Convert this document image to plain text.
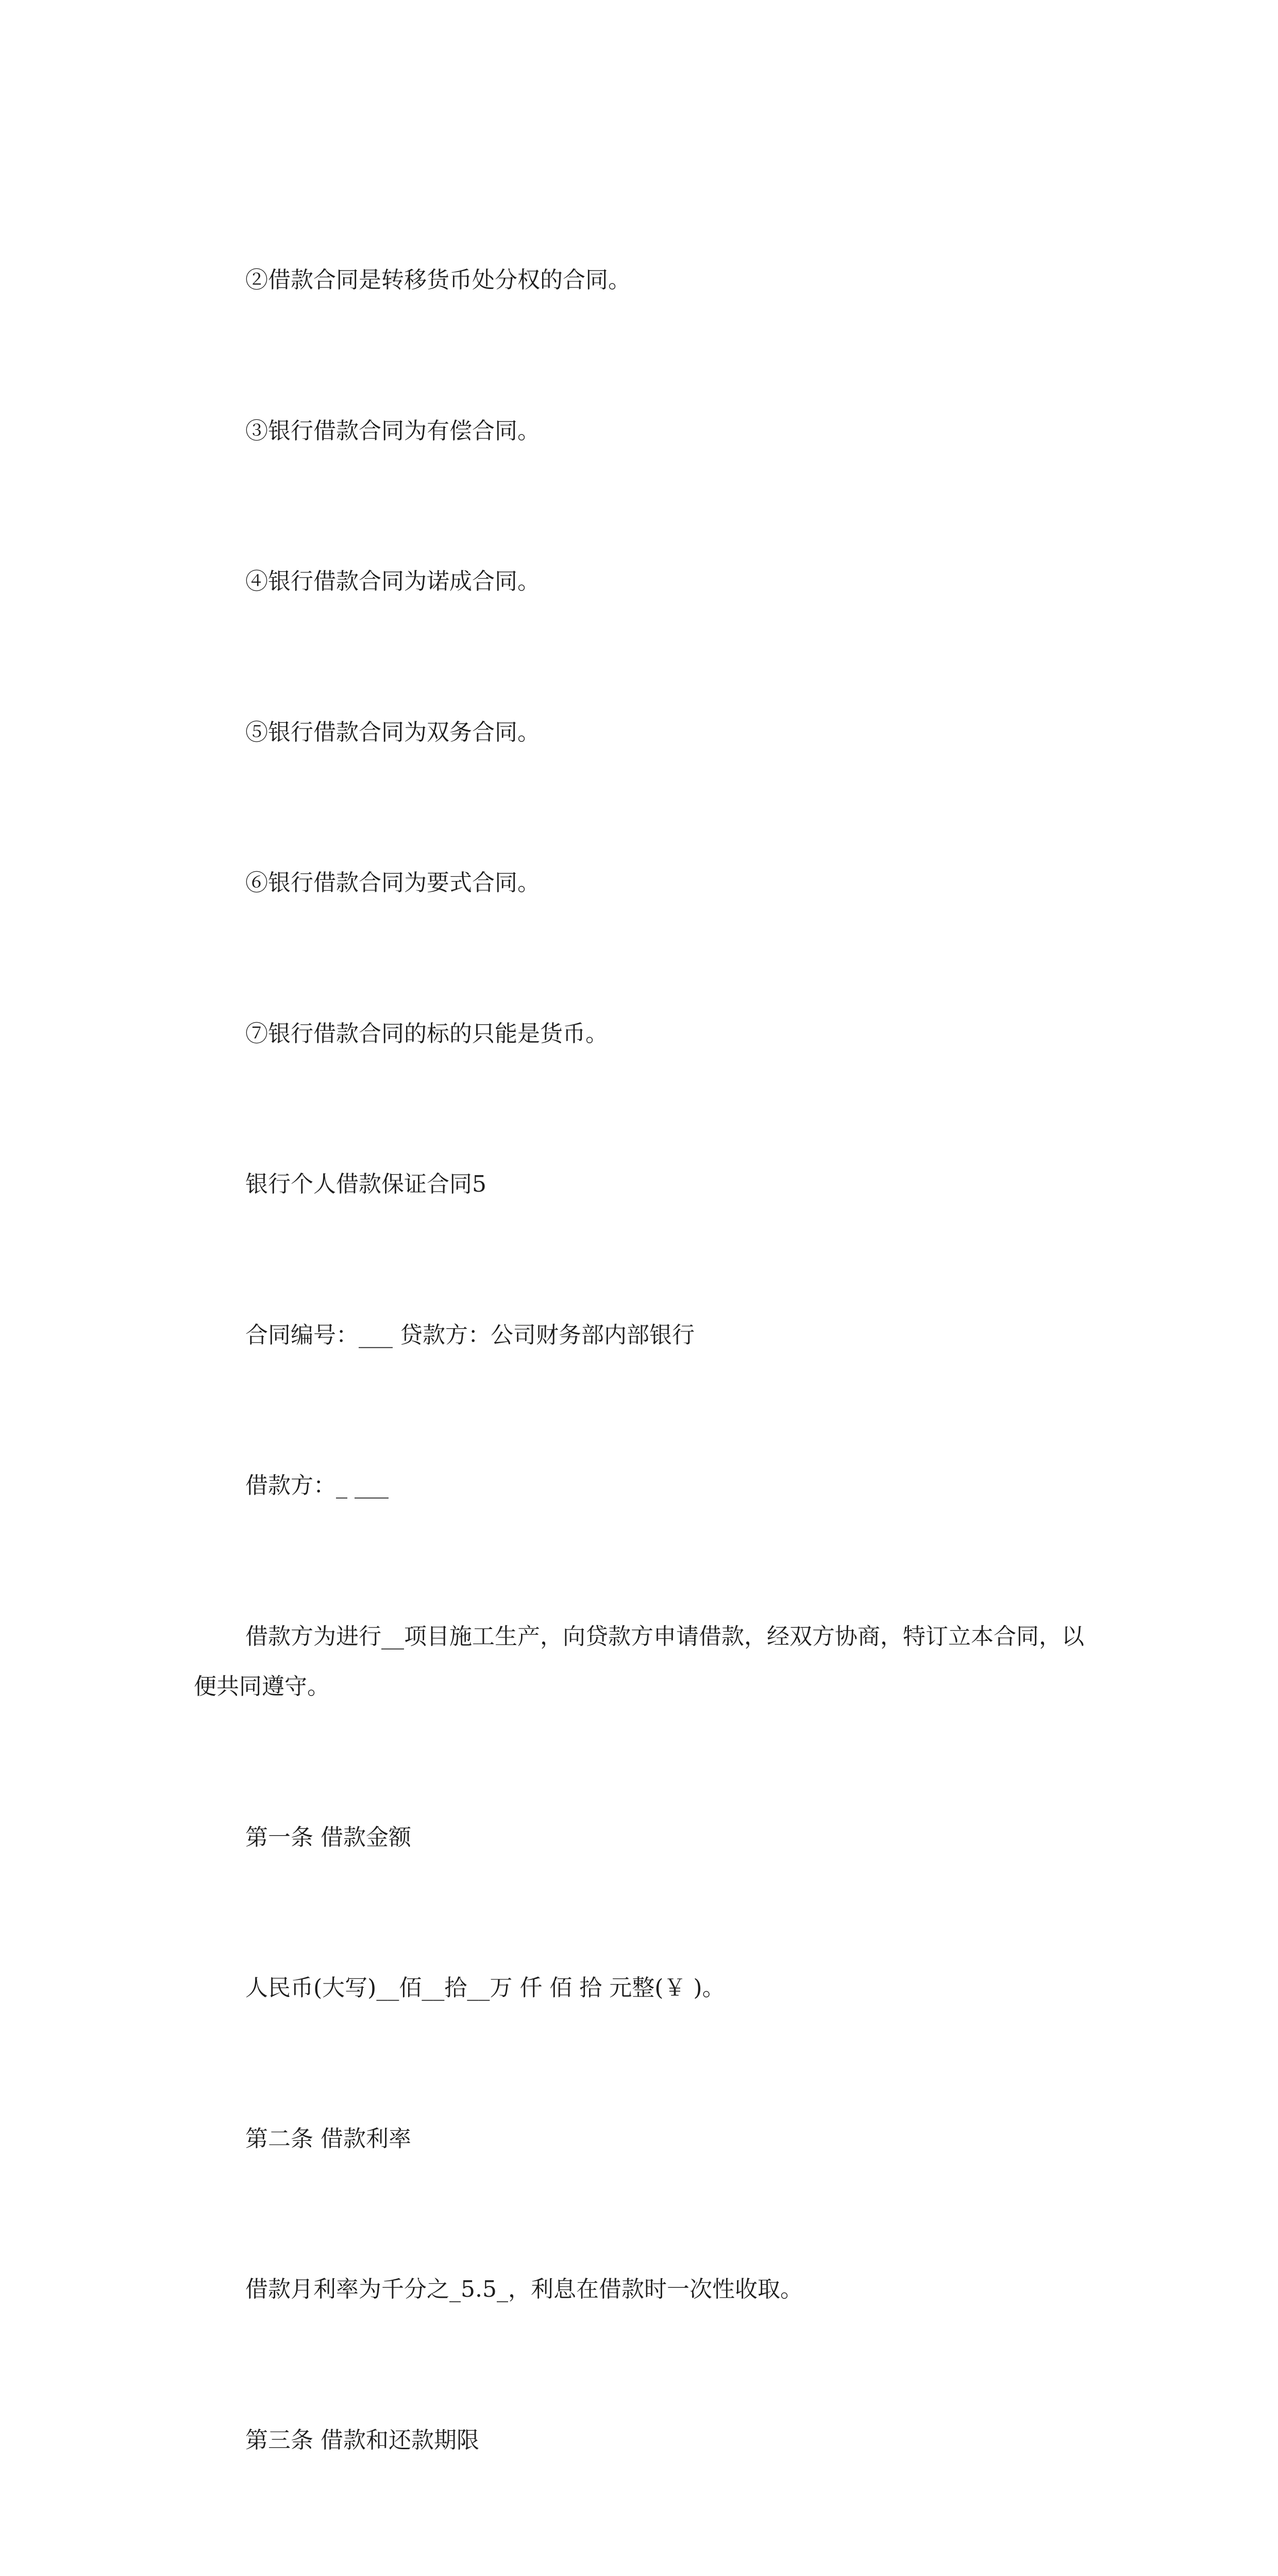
②借款合同是转移货币处分权的合同。

③银行借款合同为有偿合同。

④银行借款合同为诺成合同。

⑤银行借款合同为双务合同。

⑥银行借款合同为要式合同。

⑦银行借款合同的标的只能是货币。

银行个人借款保证合同5

合同编号：___ 贷款方：公司财务部内部银行

借款方：_ ___

借款方为进行__项目施工生产，向贷款方申请借款，经双方协商，特订立本合同，以便共同遵守。

第一条 借款金额

人民币(大写)__佰__拾__万 仟 佰 拾 元整(￥ )。

第二条 借款利率

借款月利率为千分之_5.5_，利息在借款时一次性收取。

第三条 借款和还款期限
